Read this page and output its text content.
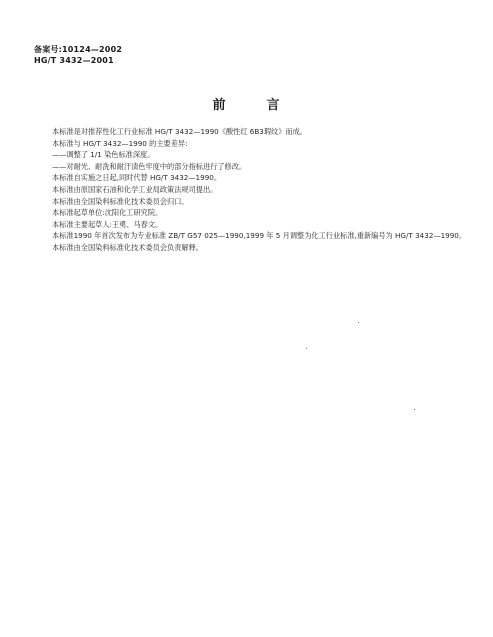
备案号:10124—2002
HG/T 3432—2001
前	言
本标准是对推荐性化工行业标准 HG/T 3432—1990《酸性红 6B3瑕纹》而成。
本标准与 HG/T 3432—1990 的主要差异:
——调整了 1/1 染色标准深度。
——对耐光、耐洗和耐汗渍色牢度中的部分指标进行了修改。
本标准自实施之日起,同时代替 HG/T 3432—1990。
本标准由原国家石油和化学工业局政策法规司提出。
本标准由全国染料标准化技术委员会归口。
本标准起草单位:沈阳化工研究院。
本标准主要起草人:王勇、马春文。
本标准1990 年首次发布为专业标准 ZB/T G57 025—1990,1999 年 5 月调整为化工行业标准,重新编号为 HG/T 3432—1990。
本标准由全国染料标准化技术委员会负责解释。
